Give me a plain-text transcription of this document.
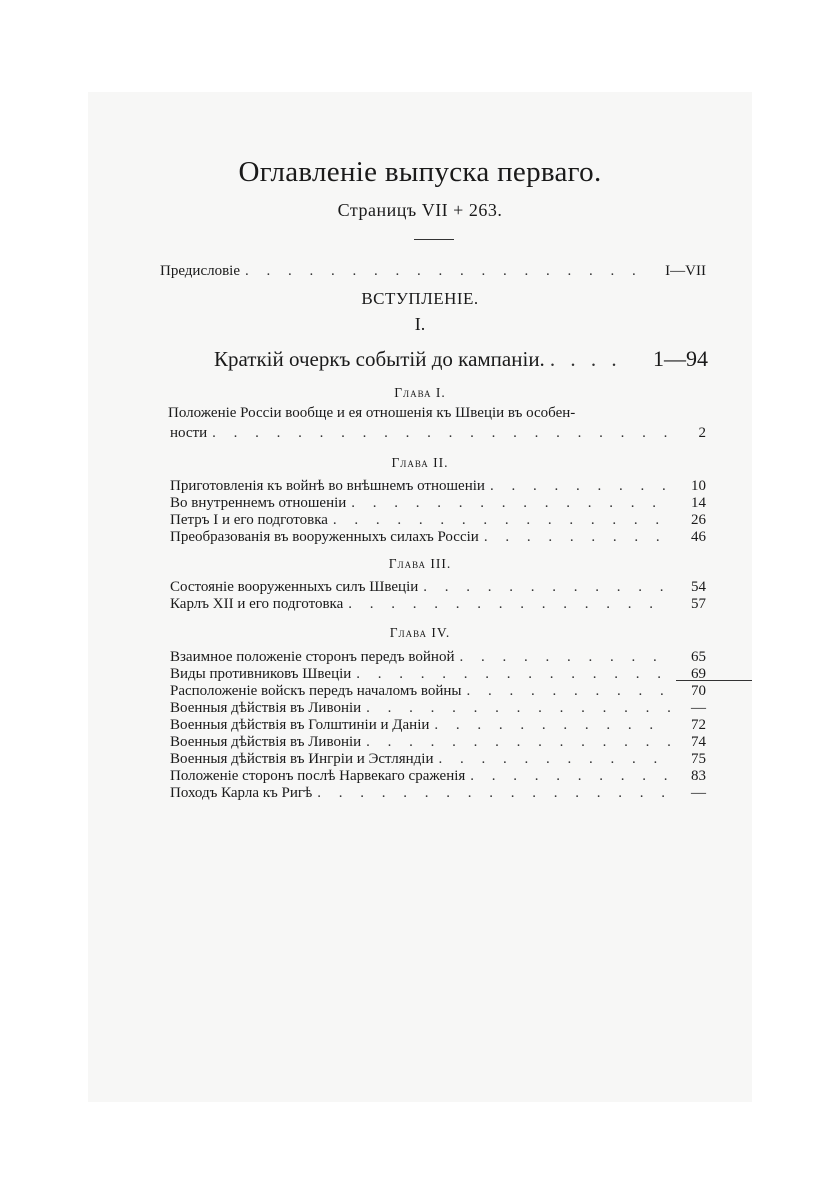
Оглавленіе выпуска перваго.
Страницъ VII + 263.
Предисловіе . . .	I—VII
ВСТУПЛЕНІЕ.
I.
Краткій очеркъ событій до кампаніи. . . .	1—94
Глава I.
Положеніе Россіи вообще и ея отношенія къ Швеціи въ особен-
ности . . .	2
Глава II.
Приготовленія къ войнѣ во внѣшнемъ отношеніи . . .	10
Во внутреннемъ отношеніи . . .	14
Петръ I и его подготовка . . .	26
Преобразованія въ вооруженныхъ силахъ Россіи . . .	46
Глава III.
Состояніе вооруженныхъ силъ Швеціи . . .	54
Карлъ XII и его подготовка . . .	57
Глава IV.
Взаимное положеніе сторонъ передъ войной . . .	65
Виды противниковъ Швеціи . . .	69
Расположеніе войскъ передъ началомъ войны . . .	70
Военныя дѣйствія въ Ливоніи . . .	—
Военныя дѣйствія въ Голштиніи и Даніи . . .	72
Военныя дѣйствія въ Ливоніи . . .	74
Военныя дѣйствія въ Ингріи и Эстляндіи . . .	75
Положеніе сторонъ послѣ Нарвекаго сраженія . . .	83
Походъ Карла къ Ригѣ . . .	—
